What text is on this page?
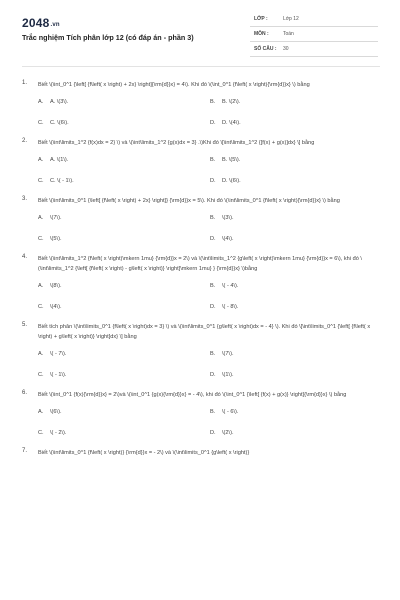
2048.vn
Trắc nghiệm Tích phân lớp 12 (có đáp án - phần 3)
LỚP :	Lớp 12
MÔN :	Toán
SỐ CÂU : 30
1. Biết \(\int_0^1 {\left[ {f\left( x \right) + 2x} \right]{\rm{d}}x} = 4\). Khi đó \(\int_0^1 {f\left( x \right){\rm{d}}x} \) bằng
A. A. \(3\).	B. B. \(2\).
C. C. \(6\).	D. D. \(4\).
2. Biết \(\int\limits_1^2 {f(x)dx = 2} \) và \(\int\limits_1^2 {g(x)dx = 3} .\)Khi đó \[\int\limits_1^2 {[f(x) + g(x)]dx} \] bằng
A. A. \(1\).	B. B. \(5\).
C. C. \( - 1\).	D. D. \(6\).
3. Biết \(\int\limits_0^1 {\left[ {f\left( x \right) + 2x} \right]} {\rm{d}}x = 5\). Khi đó \(\int\limits_0^1 {f\left( x \right){\rm{d}}x} \) bằng
A. \(7\).	B. \(3\).
C. \(5\).	D. \(4\).
4. Biết \(\int\limits_1^2 {f\left( x \right)\mkern 1mu} {\rm{d}}x = 2\) và \(\int\limits_1^2 {g\left( x \right)\mkern 1mu} {\rm{d}}x = 6\), khi đó \(\int\limits_1^2 {\left[ {f\left( x \right) - g\left( x \right)} \right]\mkern 1mu} } {\rm{d}}x} \)bằng
A. \(8\).	B. \( - 4\).
C. \(4\).	D. \( - 8\).
5. Biết tích phân \(\int\limits_0^1 {f\left( x \right)dx = 3} \) và \(\int\limits_0^1 {g\left( x \right)dx = - 4} \). Khi đó \[\int\limits_0^1 {\left[ {f\left( x \right) + g\left( x \right)} \right]dx} \] bằng
A. \( - 7\).	B. \(7\).
C. \( - 1\).	D. \(1\).
6. Biết \(\int_0^1 {f(x){\rm{d}}x} = 2\)và \(\int_0^1 {g(x){\rm{d}}x} = - 4\), khi đó \(\int_0^1 {\left[ {f(x) + g(x)} \right]{\rm{d}}x} \) bằng
A. \(6\).	B. \( - 6\).
C. \( - 2\).	D. \(2\).
7. Biết \(\int\limits_0^1 {f\left( x \right)} {\rm{d}}x = - 2\) và \(\int\limits_0^1 {g\left( x \right)}
